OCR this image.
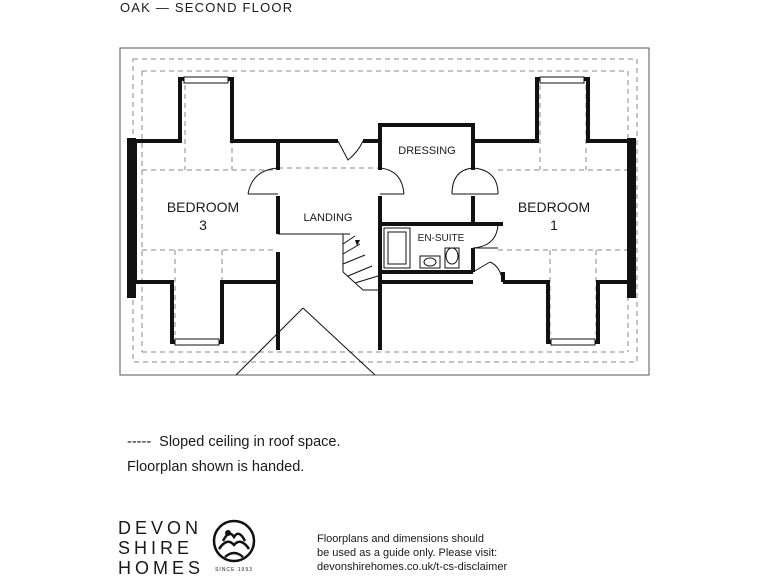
OAK — SECOND FLOOR
BEDROOM
3	LANDING
DRESSING
EN-SUITE
BEDROOM
1
----- Sloped ceiling in roof space.
Floorplan shown is handed.
DEVON
SHIRE
HOMES	SINCE 1993
Floorplans and dimensions should
be used as a guide only. Please visit:
devonshirehomes.co.uk/t-cs-disclaimer
